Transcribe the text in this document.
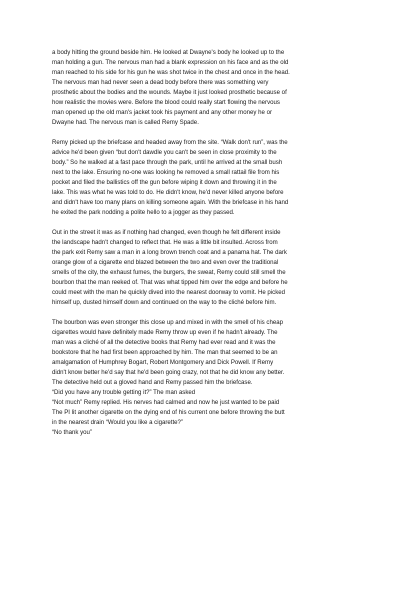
a body hitting the ground beside him. He looked at Dwayne's body he looked up to the
man holding a gun. The nervous man had a blank expression on his face and as the old
man reached to his side for his gun he was shot twice in the chest and once in the head.
The nervous man had never seen a dead body before there was something very
prosthetic about the bodies and the wounds. Maybe it just looked prosthetic because of
how realistic the movies were. Before the blood could really start flowing the nervous
man opened up the old man's jacket took his payment and any other money he or
Dwayne had. The nervous man is called Remy Spade.
Remy picked up the briefcase and headed away from the site. “Walk don't run”, was the
advice he'd been given “but don't dawdle you can't be seen in close proximity to the
body.” So he walked at a fast pace through the park, until he arrived at the small bush
next to the lake. Ensuring no-one was looking he removed a small rattail file from his
pocket and filed the ballistics off the gun before wiping it down and throwing it in the
lake. This was what he was told to do. He didn't know, he'd never killed anyone before
and didn't have too many plans on killing someone again. With the briefcase in his hand
he exited the park nodding a polite hello to a jogger as they passed.
Out in the street it was as if nothing had changed, even though he felt different inside
the landscape hadn't changed to reflect that. He was a little bit insulted. Across from
the park exit Remy saw a man in a long brown trench coat and a panama hat. The dark
orange glow of a cigarette end blazed between the two and even over the traditional
smells of the city, the exhaust fumes, the burgers, the sweat, Remy could still smell the
bourbon that the man reeked of. That was what tipped him over the edge and before he
could meet with the man he quickly dived into the nearest doorway to vomit. He picked
himself up, dusted himself down and continued on the way to the cliché before him.
The bourbon was even stronger this close up and mixed in with the smell of his cheap
cigarettes would have definitely made Remy throw up even if he hadn't already. The
man was a cliché of all the detective books that Remy had ever read and it was the
bookstore that he had first been approached by him. The man that seemed to be an
amalgamation of Humphrey Bogart, Robert Montgomery and Dick Powell. If Remy
didn't know better he'd say that he'd been going crazy, not that he did know any better.
The detective held out a gloved hand and Remy passed him the briefcase.
“Did you have any trouble getting it?” The man asked
“Not much” Remy replied. His nerves had calmed and now he just wanted to be paid
The PI lit another cigarette on the dying end of his current one before throwing the butt
in the nearest drain “Would you like a cigarette?”
“No thank you”
